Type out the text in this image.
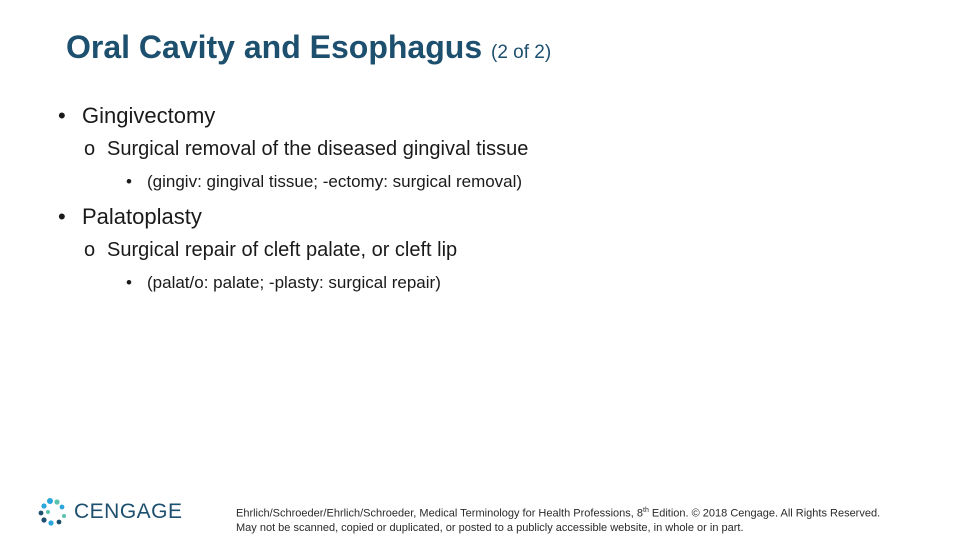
Oral Cavity and Esophagus (2 of 2)
• Gingivectomy
o Surgical removal of the diseased gingival tissue
• (gingiv: gingival tissue; -ectomy: surgical removal)
• Palatoplasty
o Surgical repair of cleft palate, or cleft lip
• (palat/o: palate; -plasty: surgical repair)
CENGAGE	Ehrlich/Schroeder/Ehrlich/Schroeder, Medical Terminology for Health Professions, 8th Edition. © 2018 Cengage. All Rights Reserved.
May not be scanned, copied or duplicated, or posted to a publicly accessible website, in whole or in part.
